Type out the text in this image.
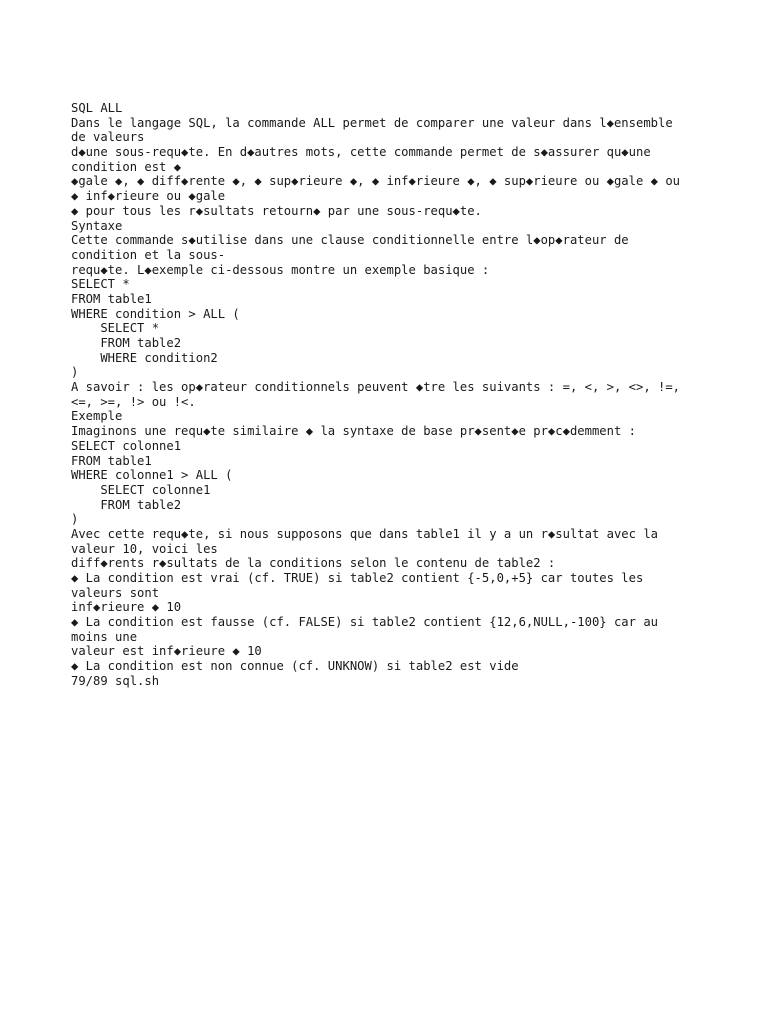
SQL ALL
Dans le langage SQL, la commande ALL permet de comparer une valeur dans l◆ensemble
de valeurs
d◆une sous-requ◆te. En d◆autres mots, cette commande permet de s◆assurer qu◆une
condition est ◆
◆gale ◆, ◆ diff◆rente ◆, ◆ sup◆rieure ◆, ◆ inf◆rieure ◆, ◆ sup◆rieure ou ◆gale ◆ ou
◆ inf◆rieure ou ◆gale
◆ pour tous les r◆sultats retourn◆ par une sous-requ◆te.
Syntaxe
Cette commande s◆utilise dans une clause conditionnelle entre l◆op◆rateur de
condition et la sous-
requ◆te. L◆exemple ci-dessous montre un exemple basique :
SELECT *
FROM table1
WHERE condition > ALL (
SELECT *
FROM table2
WHERE condition2
)
A savoir : les op◆rateur conditionnels peuvent ◆tre les suivants : =, <, >, <>, !=,
<=, >=, !> ou !<.
Exemple
Imaginons une requ◆te similaire ◆ la syntaxe de base pr◆sent◆e pr◆c◆demment :
SELECT colonne1
FROM table1
WHERE colonne1 > ALL (
SELECT colonne1
FROM table2
)
Avec cette requ◆te, si nous supposons que dans table1 il y a un r◆sultat avec la
valeur 10, voici les
diff◆rents r◆sultats de la conditions selon le contenu de table2 :
◆ La condition est vrai (cf. TRUE) si table2 contient {-5,0,+5} car toutes les
valeurs sont
inf◆rieure ◆ 10
◆ La condition est fausse (cf. FALSE) si table2 contient {12,6,NULL,-100} car au
moins une
valeur est inf◆rieure ◆ 10
◆ La condition est non connue (cf. UNKNOW) si table2 est vide
79/89 sql.sh
